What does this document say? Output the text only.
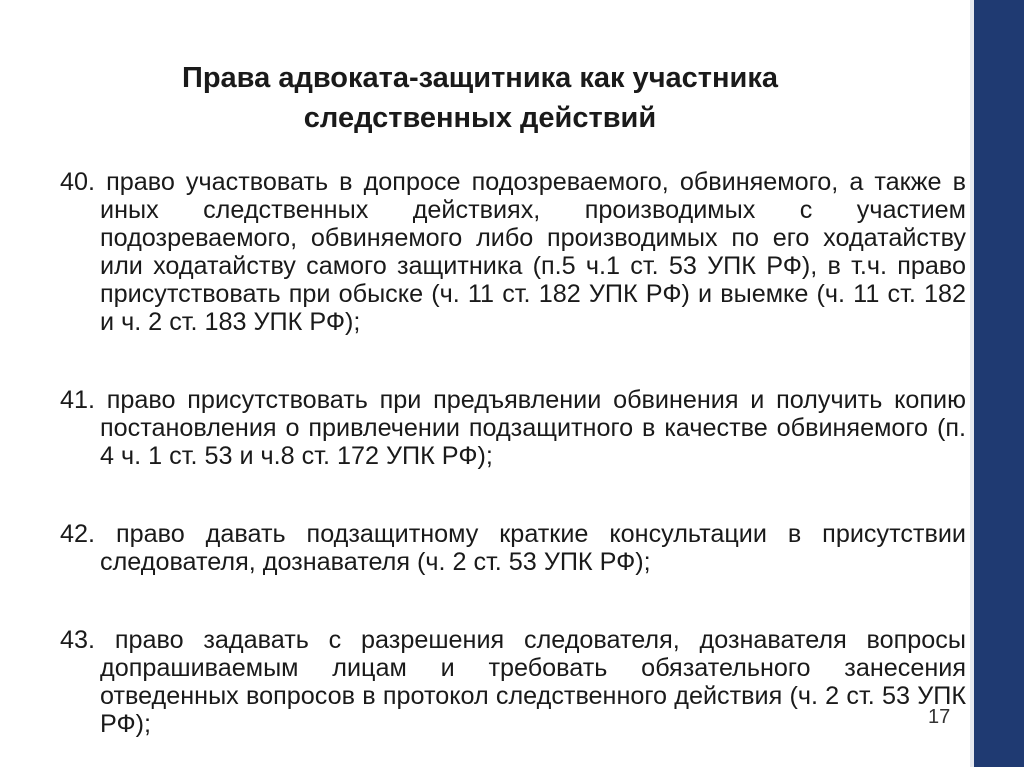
Права адвоката-защитника как участника следственных действий

40. право участвовать в допросе подозреваемого, обвиняемого, а также в иных следственных действиях, производимых с участием подозреваемого, обвиняемого либо производимых по его ходатайству или ходатайству самого защитника (п.5 ч.1 ст. 53 УПК РФ), в т.ч. право присутствовать при обыске (ч. 11 ст. 182 УПК РФ) и выемке (ч. 11 ст. 182 и ч. 2 ст. 183 УПК РФ);

41. право присутствовать при предъявлении обвинения и получить копию постановления о привлечении подзащитного в качестве обвиняемого (п. 4 ч. 1 ст. 53 и ч.8 ст. 172 УПК РФ);

42. право давать подзащитному краткие консультации в присутствии следователя, дознавателя (ч. 2 ст. 53 УПК РФ);

43. право задавать с разрешения следователя, дознавателя вопросы допрашиваемым лицам и требовать обязательного занесения отведенных вопросов в протокол следственного действия (ч. 2 ст. 53 УПК РФ);	17
